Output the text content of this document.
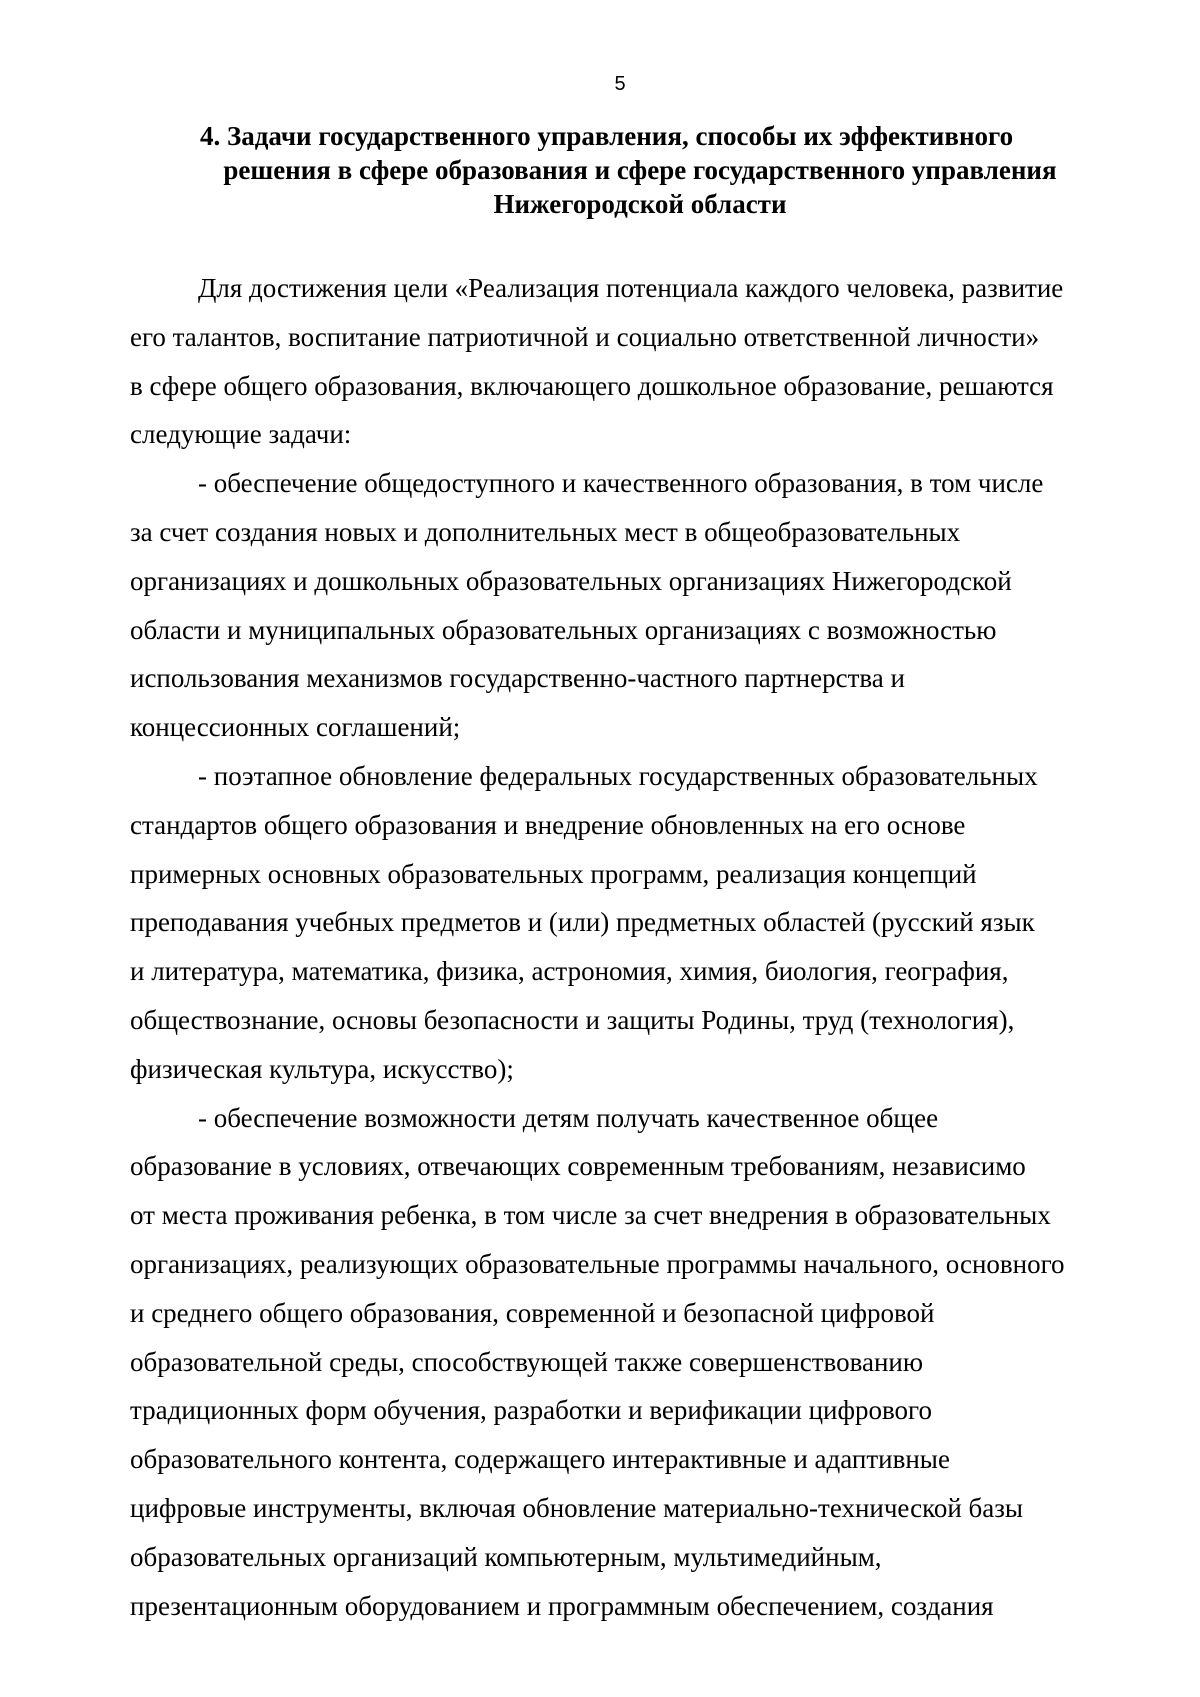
5
4. Задачи государственного управления, способы их эффективного
решения в сфере образования и сфере государственного управления
Нижегородской области
Для достижения цели «Реализация потенциала каждого человека, развитие
его талантов, воспитание патриотичной и социально ответственной личности»
в сфере общего образования, включающего дошкольное образование, решаются
следующие задачи:
- обеспечение общедоступного и качественного образования, в том числе
за счет создания новых и дополнительных мест в общеобразовательных
организациях и дошкольных образовательных организациях Нижегородской
области и муниципальных образовательных организациях с возможностью
использования механизмов государственно-частного партнерства и
концессионных соглашений;
- поэтапное обновление федеральных государственных образовательных
стандартов общего образования и внедрение обновленных на его основе
примерных основных образовательных программ, реализация концепций
преподавания учебных предметов и (или) предметных областей (русский язык
и литература, математика, физика, астрономия, химия, биология, география,
обществознание, основы безопасности и защиты Родины, труд (технология),
физическая культура, искусство);
- обеспечение возможности детям получать качественное общее
образование в условиях, отвечающих современным требованиям, независимо
от места проживания ребенка, в том числе за счет внедрения в образовательных
организациях, реализующих образовательные программы начального, основного
и среднего общего образования, современной и безопасной цифровой
образовательной среды, способствующей также совершенствованию
традиционных форм обучения, разработки и верификации цифрового
образовательного контента, содержащего интерактивные и адаптивные
цифровые инструменты, включая обновление материально-технической базы
образовательных организаций компьютерным, мультимедийным,
презентационным оборудованием и программным обеспечением, создания
